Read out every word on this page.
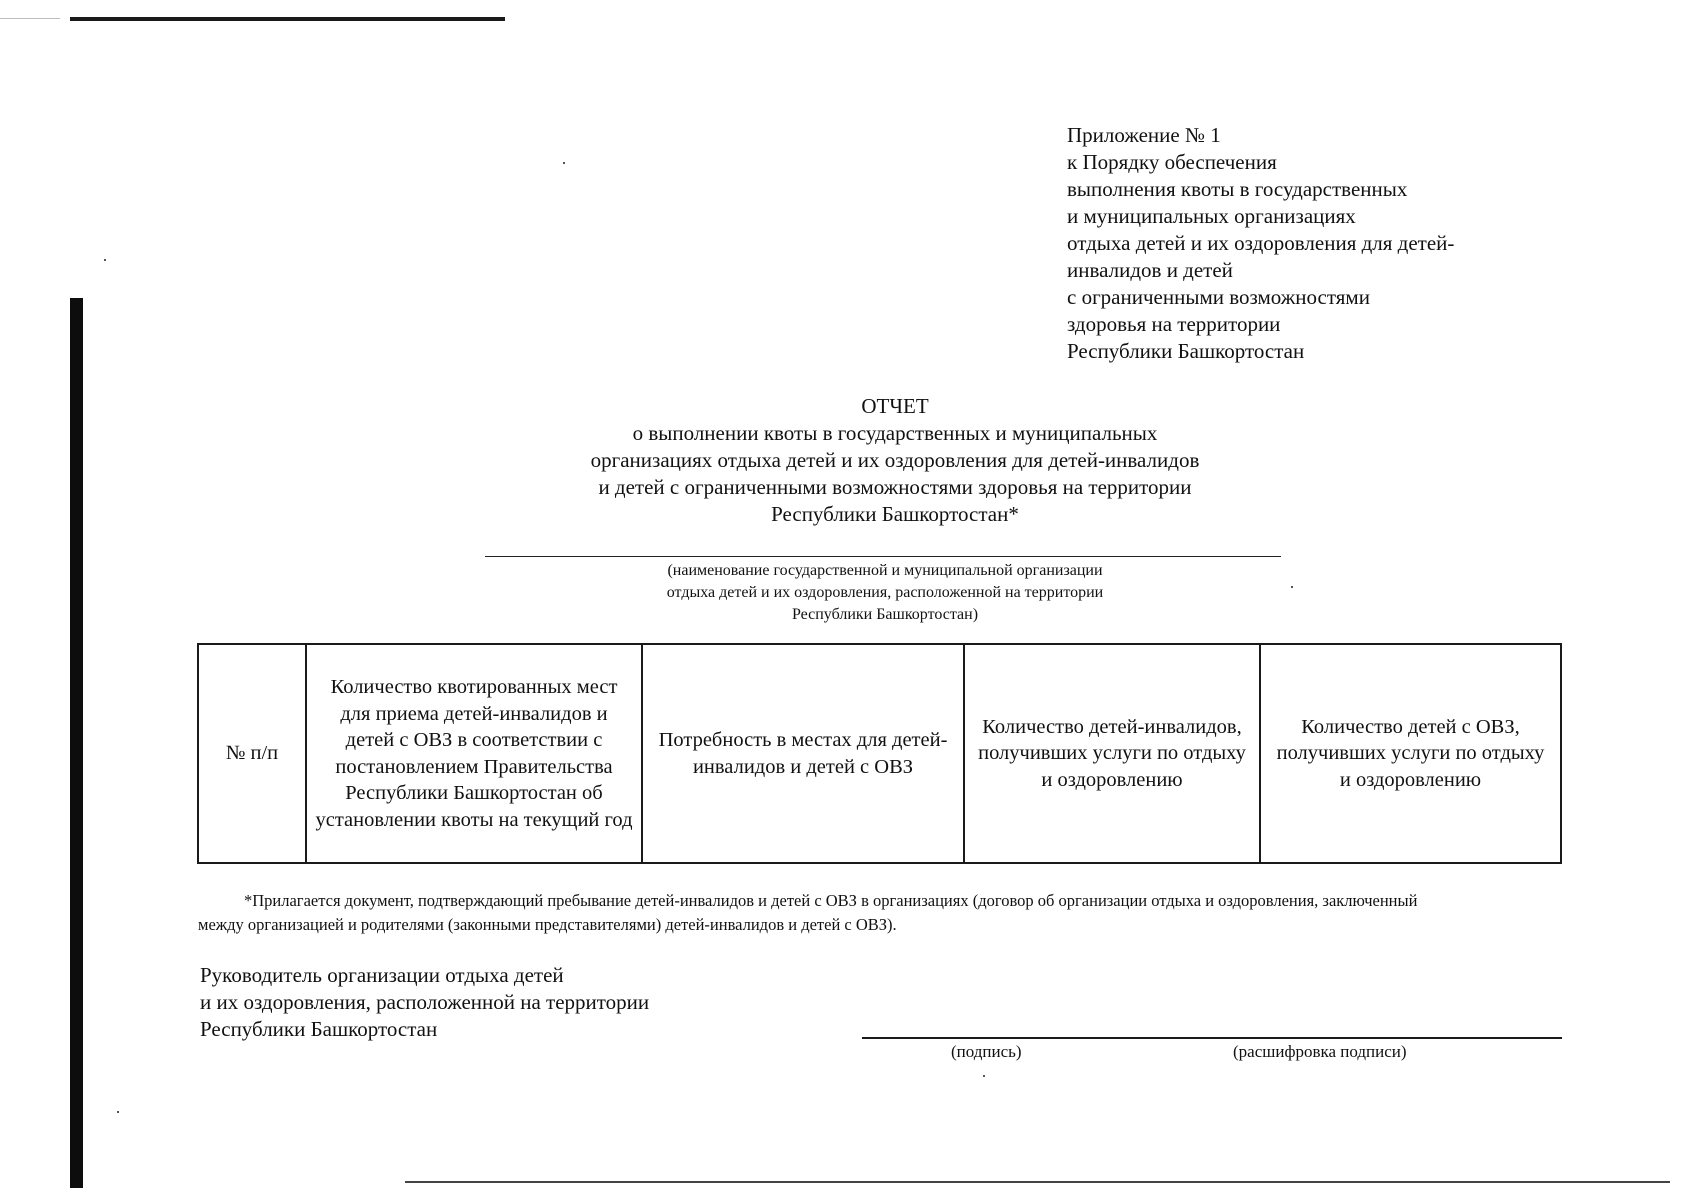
Приложение № 1
к Порядку обеспечения
выполнения квоты в государственных
и муниципальных организациях
отдыха детей и их оздоровления для детей-
инвалидов и детей
с ограниченными возможностями
здоровья на территории
Республики Башкортостан
ОТЧЕТ
о выполнении квоты в государственных и муниципальных
организациях отдыха детей и их оздоровления для детей-инвалидов
и детей с ограниченными возможностями здоровья на территории
Республики Башкортостан*
(наименование государственной и муниципальной организации
отдыха детей и их оздоровления, расположенной на территории
Республики Башкортостан)
№ п/п	Количество квотированных мест для приема детей-инвалидов и детей с ОВЗ в соответствии с постановлением Правительства Республики Башкортостан об установлении квоты на текущий год	Потребность в местах для детей-инвалидов и детей с ОВЗ	Количество детей-инвалидов, получивших услуги по отдыху и оздоровлению	Количество детей с ОВЗ, получивших услуги по отдыху и оздоровлению
*Прилагается документ, подтверждающий пребывание детей-инвалидов и детей с ОВЗ в организациях (договор об организации отдыха и оздоровления, заключенный
между организацией и родителями (законными представителями) детей-инвалидов и детей с ОВЗ).
Руководитель организации отдыха детей
и их оздоровления, расположенной на территории
Республики Башкортостан
(подпись)	(расшифровка подписи)
